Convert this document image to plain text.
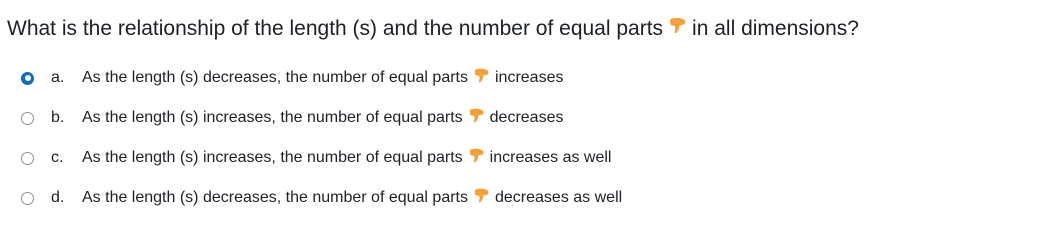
What is the relationship of the length (s) and the number of equal parts in all dimensions?
a.	As the length (s) decreases, the number of equal parts increases
b.	As the length (s) increases, the number of equal parts decreases
c.	As the length (s) increases, the number of equal parts increases as well
d.	As the length (s) decreases, the number of equal parts decreases as well
